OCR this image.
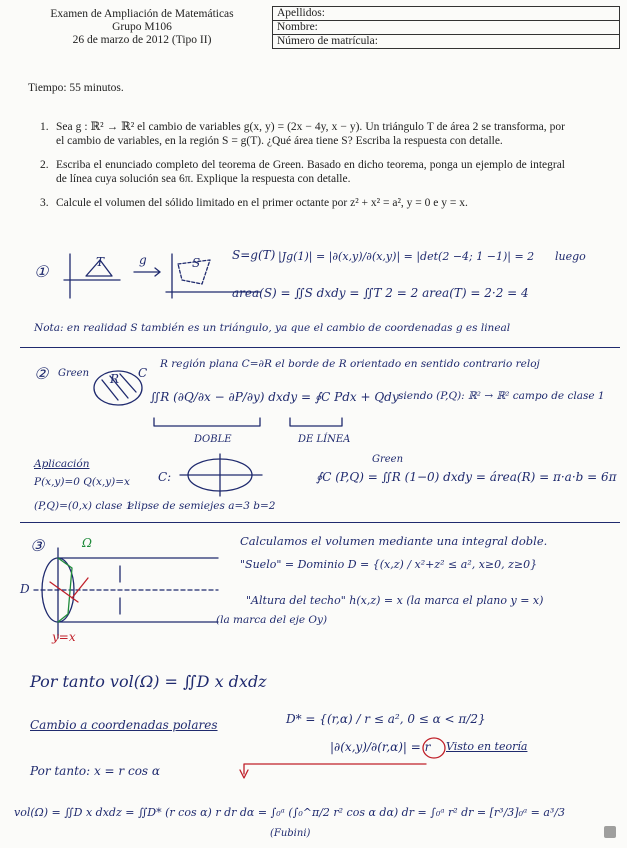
Examen de Ampliación de Matemáticas
Grupo M106
26 de marzo de 2012 (Tipo II)
Apellidos:
Nombre:
Número de matrícula:
Tiempo: 55 minutos.
1. Sea g : ℝ² → ℝ² el cambio de variables g(x, y) = (2x − 4y, x − y). Un triángulo T de área 2 se transforma, por el cambio de variables, en la región S = g(T). ¿Qué área tiene S? Escriba la respuesta con detalle.
2. Escriba el enunciado completo del teorema de Green. Basado en dicho teorema, ponga un ejemplo de integral de línea cuya solución sea 6π. Explique la respuesta con detalle.
3. Calcule el volumen del sólido limitado en el primer octante por z² + x² = a², y = 0 e y = x.
①	T	g	S
S=g(T) |Jg(1)| = |∂(x,y)/∂(x,y)| = |det(2 −4; 1 −1)| = 2 luego
area(S) = ∬S dxdy = ∬T 2 = 2 area(T) = 2·2 = 4
Nota: en realidad S también es un triángulo, ya que el cambio de coordenadas g es lineal
② Green R C
R región plana C=∂R el borde de R orientado en sentido contrario reloj
∬R (∂Q/∂x − ∂P/∂y) dxdy = ∮C Pdx + Qdy siendo (P,Q): ℝ² → ℝ² campo de clase 1
DOBLE	DE LÍNEA
Aplicación
P(x,y)=0 Q(x,y)=x
(P,Q)=(0,x) clase 1
C:
elipse de semiejes a=3 b=2
Green
∮C (P,Q) = ∬R (1−0) dxdy = área(R) = π·a·b = 6π
③	Ω
D
y=x
Calculamos el volumen mediante una integral doble.
"Suelo" = Dominio D = {(x,z) / x²+z² ≤ a², x≥0, z≥0}
"Altura del techo" h(x,z) = x (la marca el plano y = x)
(la marca del eje Oy)
Por tanto vol(Ω) = ∬D x dxdz
Cambio a coordenadas polares	D* = {(r,α) / r ≤ a², 0 ≤ α < π/2}
|∂(x,y)/∂(r,α)| = r Visto en teoría
Por tanto: x = r cos α
vol(Ω) = ∬D x dxdz = ∬D* (r cos α) r dr dα = ∫₀ᵃ (∫₀^π/2 r² cos α dα) dr = ∫₀ᵃ r² dr = [r³/3]₀ᵃ = a³/3
(Fubini)
